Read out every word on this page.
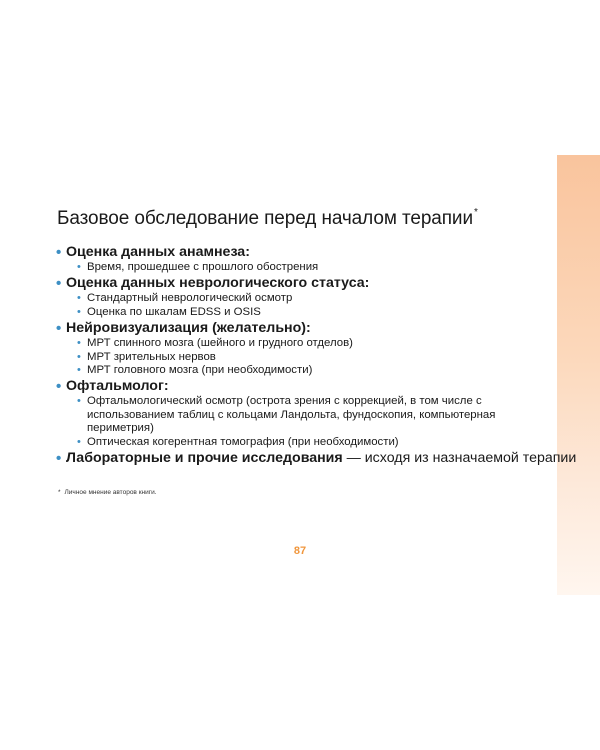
Базовое обследование перед началом терапии*
• Оценка данных анамнеза:
• Время, прошедшее с прошлого обострения
• Оценка данных неврологического статуса:
• Стандартный неврологический осмотр
• Оценка по шкалам EDSS и OSIS
• Нейровизуализация (желательно):
• МРТ спинного мозга (шейного и грудного отделов)
• МРТ зрительных нервов
• МРТ головного мозга (при необходимости)
• Офтальмолог:
• Офтальмологический осмотр (острота зрения с коррекцией, в том числе с использованием таблиц с кольцами Ландольта, фундоскопия, компьютерная периметрия)
• Оптическая когерентная томография (при необходимости)
• Лабораторные и прочие исследования — исходя из назначаемой терапии
* Личное мнение авторов книги.
87
